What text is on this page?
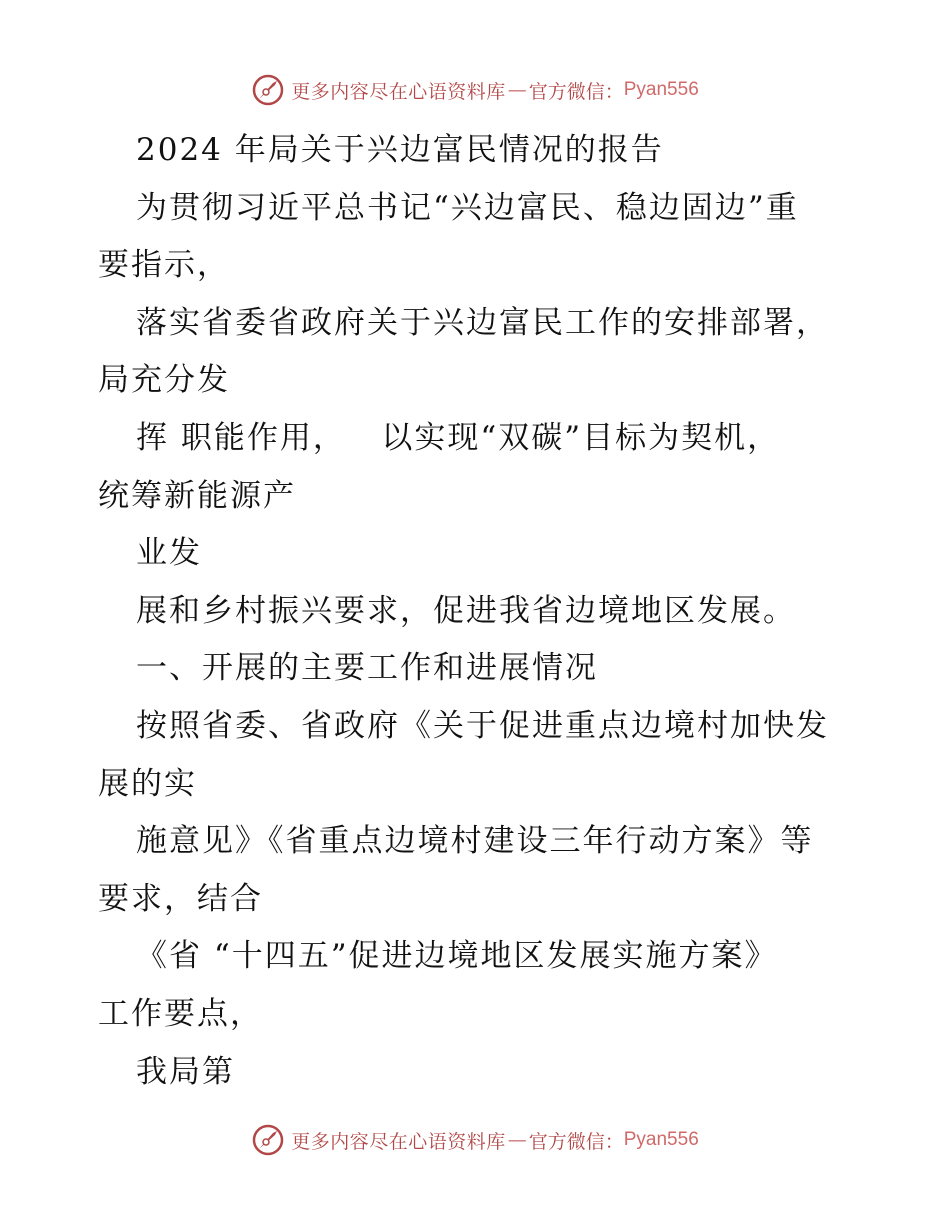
更多内容尽在心语资料库 — 官方微信： Pyan556
2024 年局关于兴边富民情况的报告
为贯彻习近平总书记“兴边富民、稳边固边”重
要指示，
落实省委省政府关于兴边富民工作的安排部署，
局充分发
挥 职能作用，   以实现“双碳”目标为契机，
统筹新能源产
业发
展和乡村振兴要求，促进我省边境地区发展。
一、开展的主要工作和进展情况
按照省委、省政府《关于促进重点边境村加快发
展的实
施意见》《省重点边境村建设三年行动方案》等
要求，结合
《省 “十四五”促进边境地区发展实施方案》
工作要点，
我局第
更多内容尽在心语资料库 — 官方微信： Pyan556
